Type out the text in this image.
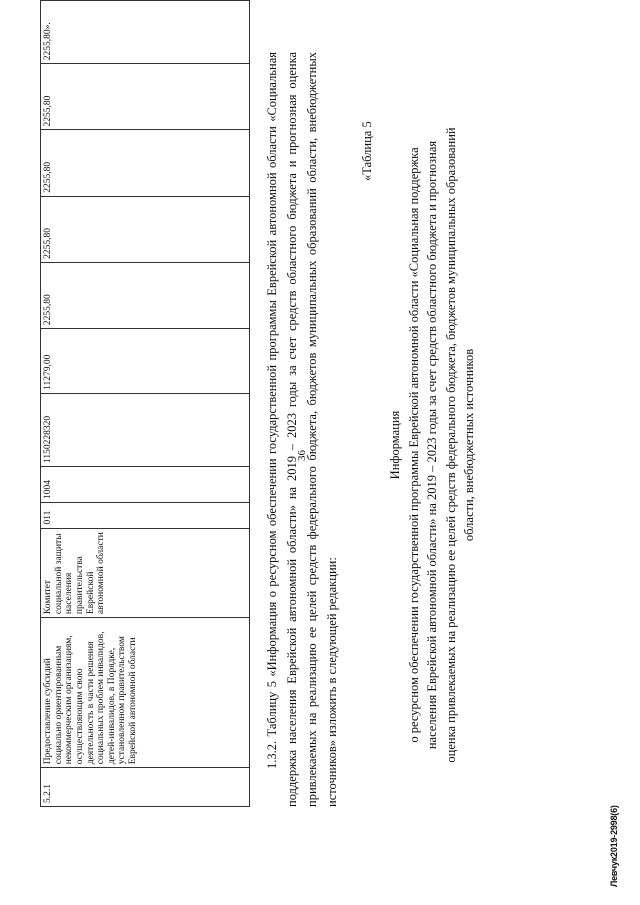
36
5.2.1	Предоставление субсидий социально ориентированным некоммерческим организациям, осуществляющим свою деятельность в части решения социальных проблем инвалидов, детей-инвалидов, в Порядке, установленном правительством Еврейской автономной области	Комитет социальной защиты населения правительства Еврейской автономной области	011	1004	1150228320	11279,00	2255,80	2255,80	2255,80	2255,80	2255,80».
1.3.2. Таблицу 5 «Информация о ресурсном обеспечении государственной программы Еврейской автономной области «Социальная поддержка населения Еврейской автономной области» на 2019 – 2023 годы за счет средств областного бюджета и прогнозная оценка привлекаемых на реализацию ее целей средств федерального бюджета, бюджетов муниципальных образований области, внебюджетных источников» изложить в следующей редакции:
«Таблица 5
Информация о ресурсном обеспечении государственной программы Еврейской автономной области «Социальная поддержка населения Еврейской автономной области» на 2019 – 2023 годы за счет средств областного бюджета и прогнозная оценка привлекаемых на реализацию ее целей средств федерального бюджета, бюджетов муниципальных образований области, внебюджетных источников
Левчук2019-2998(6)
